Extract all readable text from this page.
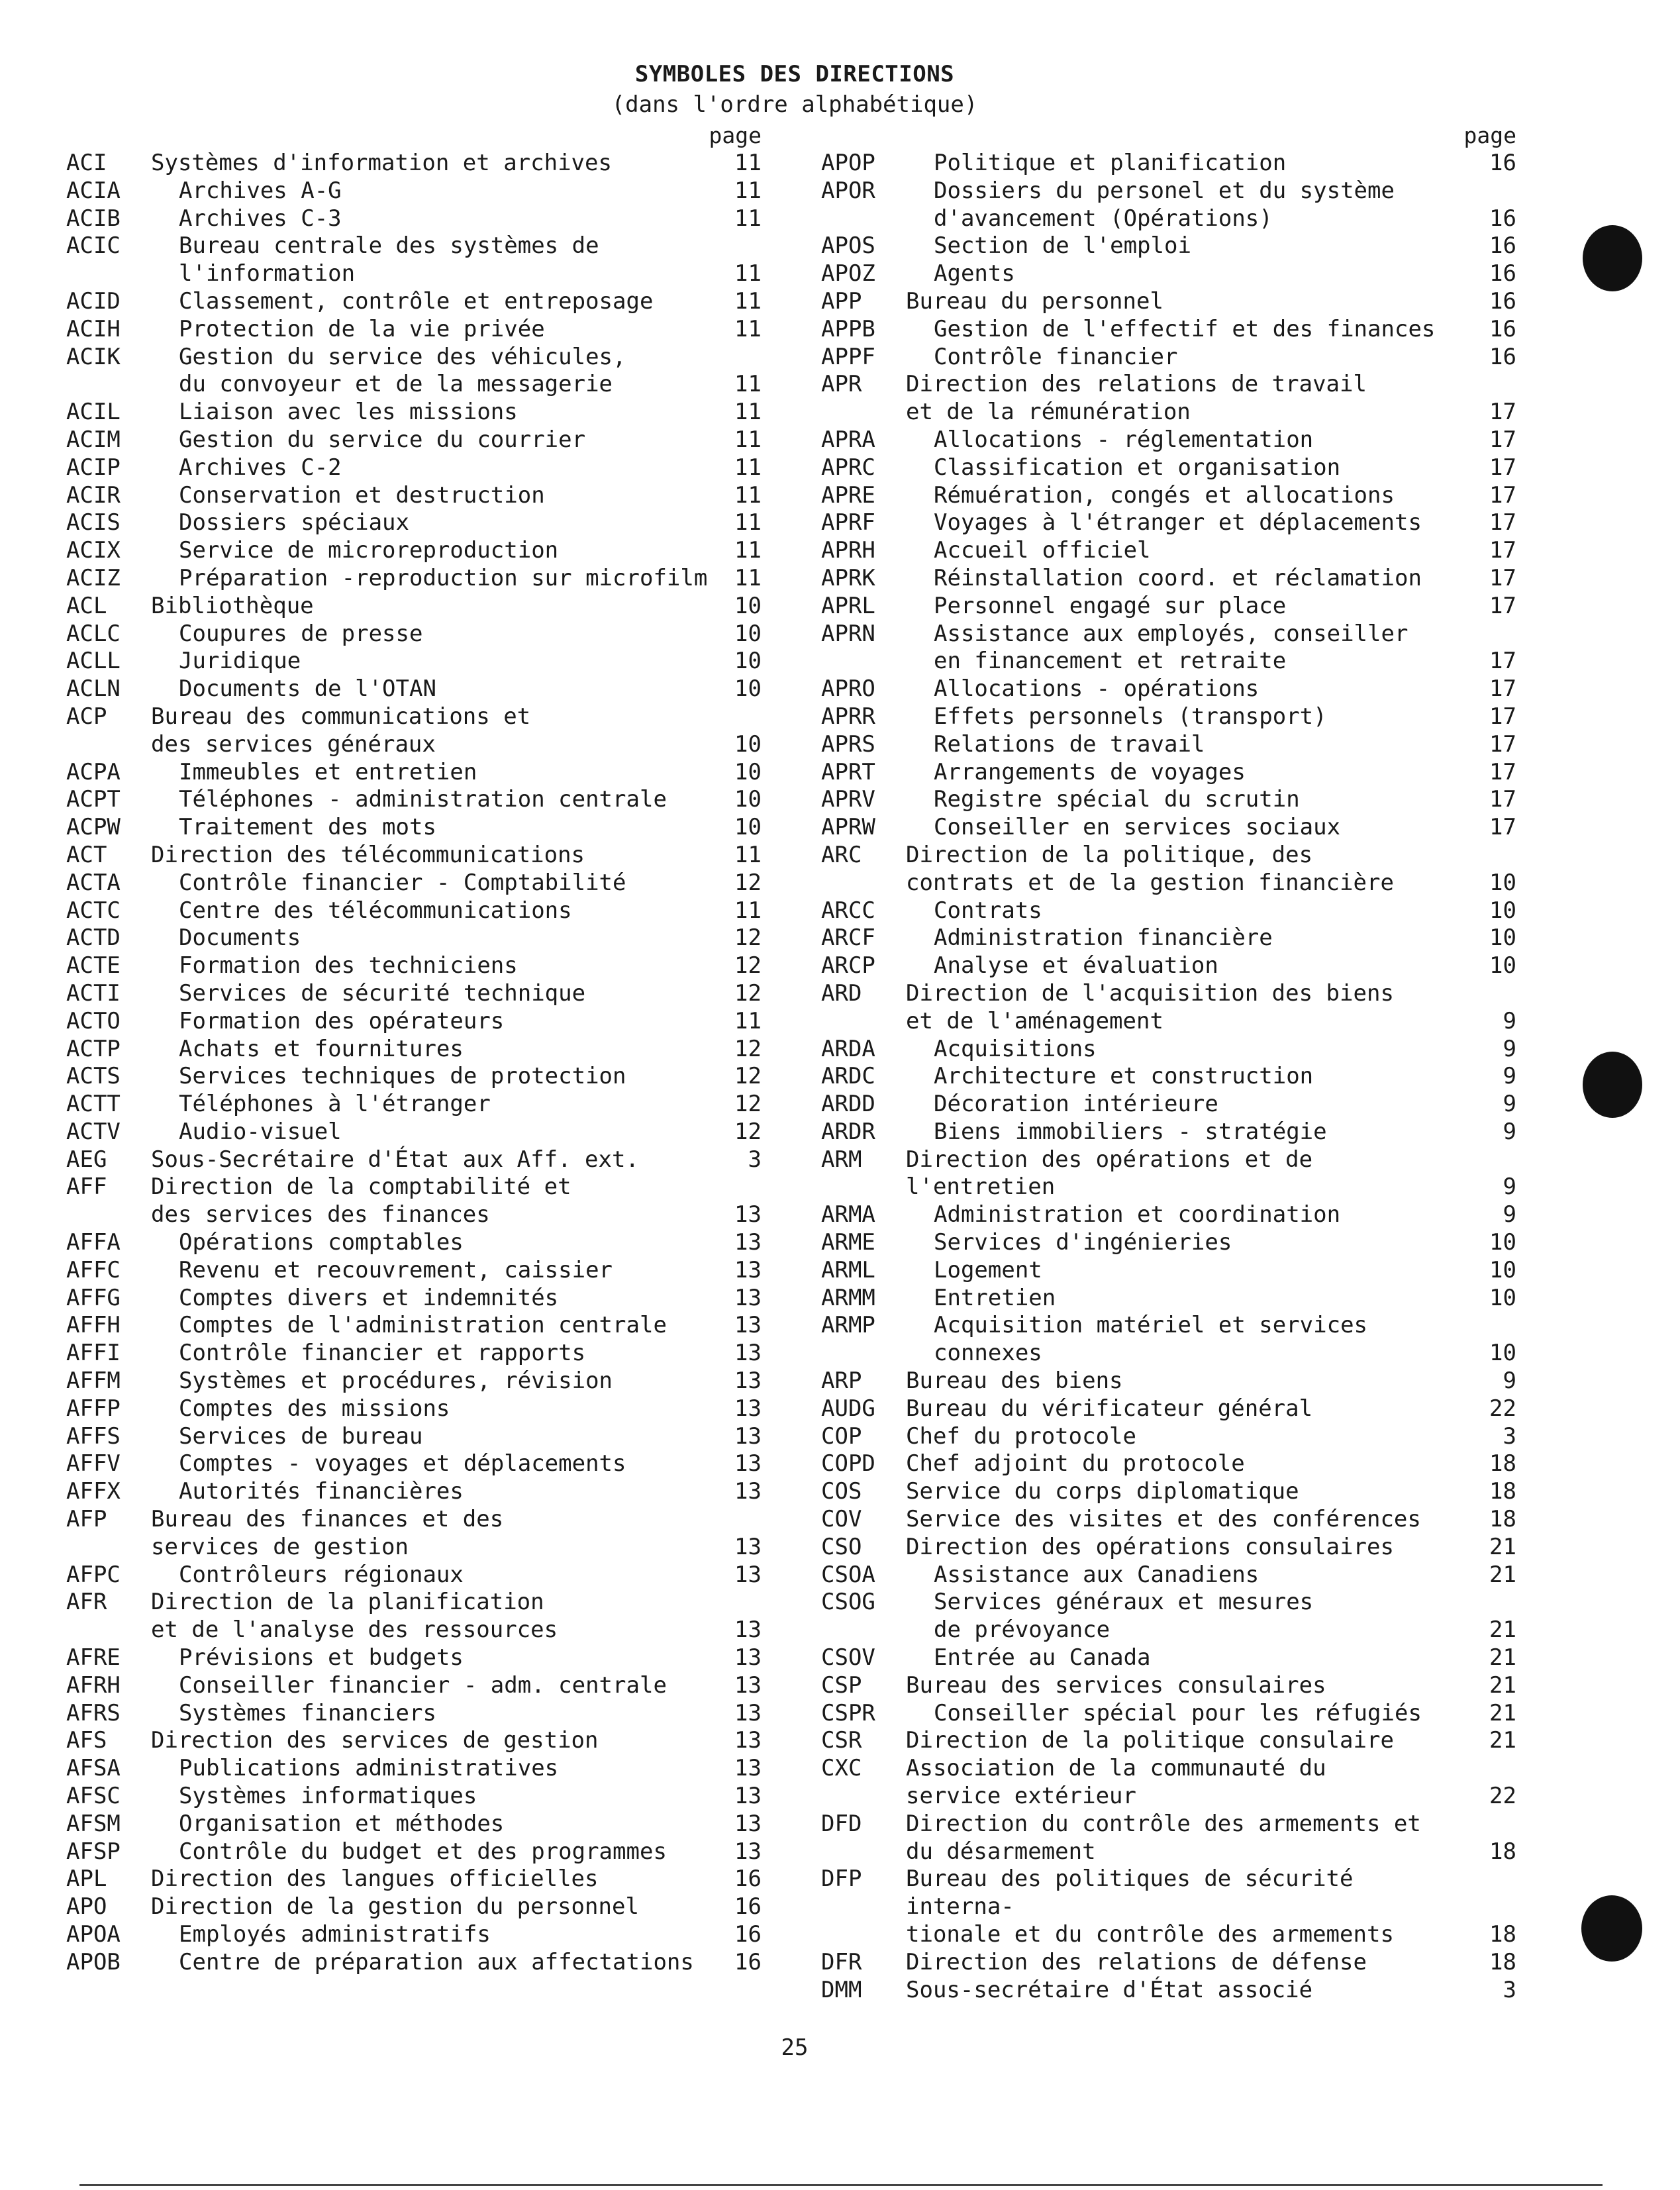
SYMBOLES DES DIRECTIONS
(dans l'ordre alphabétique)
page
ACI	Systèmes d'information et archives	11
ACIA	Archives A-G	11
ACIB	Archives C-3	11
ACIC	Bureau centrale des systèmes de
l'information	11
ACID	Classement, contrôle et entreposage	11
ACIH	Protection de la vie privée	11
ACIK	Gestion du service des véhicules,
du convoyeur et de la messagerie	11
ACIL	Liaison avec les missions	11
ACIM	Gestion du service du courrier	11
ACIP	Archives C-2	11
ACIR	Conservation et destruction	11
ACIS	Dossiers spéciaux	11
ACIX	Service de microreproduction	11
ACIZ	Préparation -reproduction sur microfilm	11
ACL	Bibliothèque	10
ACLC	Coupures de presse	10
ACLL	Juridique	10
ACLN	Documents de l'OTAN	10
ACP	Bureau des communications et
des services généraux	10
ACPA	Immeubles et entretien	10
ACPT	Téléphones - administration centrale	10
ACPW	Traitement des mots	10
ACT	Direction des télécommunications	11
ACTA	Contrôle financier - Comptabilité	12
ACTC	Centre des télécommunications	11
ACTD	Documents	12
ACTE	Formation des techniciens	12
ACTI	Services de sécurité technique	12
ACTO	Formation des opérateurs	11
ACTP	Achats et fournitures	12
ACTS	Services techniques de protection	12
ACTT	Téléphones à l'étranger	12
ACTV	Audio-visuel	12
AEG	Sous-Secrétaire d'État aux Aff. ext.	3
AFF	Direction de la comptabilité et
des services des finances	13
AFFA	Opérations comptables	13
AFFC	Revenu et recouvrement, caissier	13
AFFG	Comptes divers et indemnités	13
AFFH	Comptes de l'administration centrale	13
AFFI	Contrôle financier et rapports	13
AFFM	Systèmes et procédures, révision	13
AFFP	Comptes des missions	13
AFFS	Services de bureau	13
AFFV	Comptes - voyages et déplacements	13
AFFX	Autorités financières	13
AFP	Bureau des finances et des
services de gestion	13
AFPC	Contrôleurs régionaux	13
AFR	Direction de la planification
et de l'analyse des ressources	13
AFRE	Prévisions et budgets	13
AFRH	Conseiller financier - adm. centrale	13
AFRS	Systèmes financiers	13
AFS	Direction des services de gestion	13
AFSA	Publications administratives	13
AFSC	Systèmes informatiques	13
AFSM	Organisation et méthodes	13
AFSP	Contrôle du budget et des programmes	13
APL	Direction des langues officielles	16
APO	Direction de la gestion du personnel	16
APOA	Employés administratifs	16
APOB	Centre de préparation aux affectations	16
page
APOP	Politique et planification	16
APOR	Dossiers du personel et du système
d'avancement (Opérations)	16
APOS	Section de l'emploi	16
APOZ	Agents	16
APP	Bureau du personnel	16
APPB	Gestion de l'effectif et des finances	16
APPF	Contrôle financier	16
APR	Direction des relations de travail
et de la rémunération	17
APRA	Allocations - réglementation	17
APRC	Classification et organisation	17
APRE	Rémuération, congés et allocations	17
APRF	Voyages à l'étranger et déplacements	17
APRH	Accueil officiel	17
APRK	Réinstallation coord. et réclamation	17
APRL	Personnel engagé sur place	17
APRN	Assistance aux employés, conseiller
en financement et retraite	17
APRO	Allocations - opérations	17
APRR	Effets personnels (transport)	17
APRS	Relations de travail	17
APRT	Arrangements de voyages	17
APRV	Registre spécial du scrutin	17
APRW	Conseiller en services sociaux	17
ARC	Direction de la politique, des
contrats et de la gestion financière	10
ARCC	Contrats	10
ARCF	Administration financière	10
ARCP	Analyse et évaluation	10
ARD	Direction de l'acquisition des biens
et de l'aménagement	9
ARDA	Acquisitions	9
ARDC	Architecture et construction	9
ARDD	Décoration intérieure	9
ARDR	Biens immobiliers - stratégie	9
ARM	Direction des opérations et de
l'entretien	9
ARMA	Administration et coordination	9
ARME	Services d'ingénieries	10
ARML	Logement	10
ARMM	Entretien	10
ARMP	Acquisition matériel et services
connexes	10
ARP	Bureau des biens	9
AUDG	Bureau du vérificateur général	22
COP	Chef du protocole	3
COPD	Chef adjoint du protocole	18
COS	Service du corps diplomatique	18
COV	Service des visites et des conférences	18
CSO	Direction des opérations consulaires	21
CSOA	Assistance aux Canadiens	21
CSOG	Services généraux et mesures
de prévoyance	21
CSOV	Entrée au Canada	21
CSP	Bureau des services consulaires	21
CSPR	Conseiller spécial pour les réfugiés	21
CSR	Direction de la politique consulaire	21
CXC	Association de la communauté du
service extérieur	22
DFD	Direction du contrôle des armements et
du désarmement	18
DFP	Bureau des politiques de sécurité interna-
tionale et du contrôle des armements	18
DFR	Direction des relations de défense	18
DMM	Sous-secrétaire d'État associé	3
25
